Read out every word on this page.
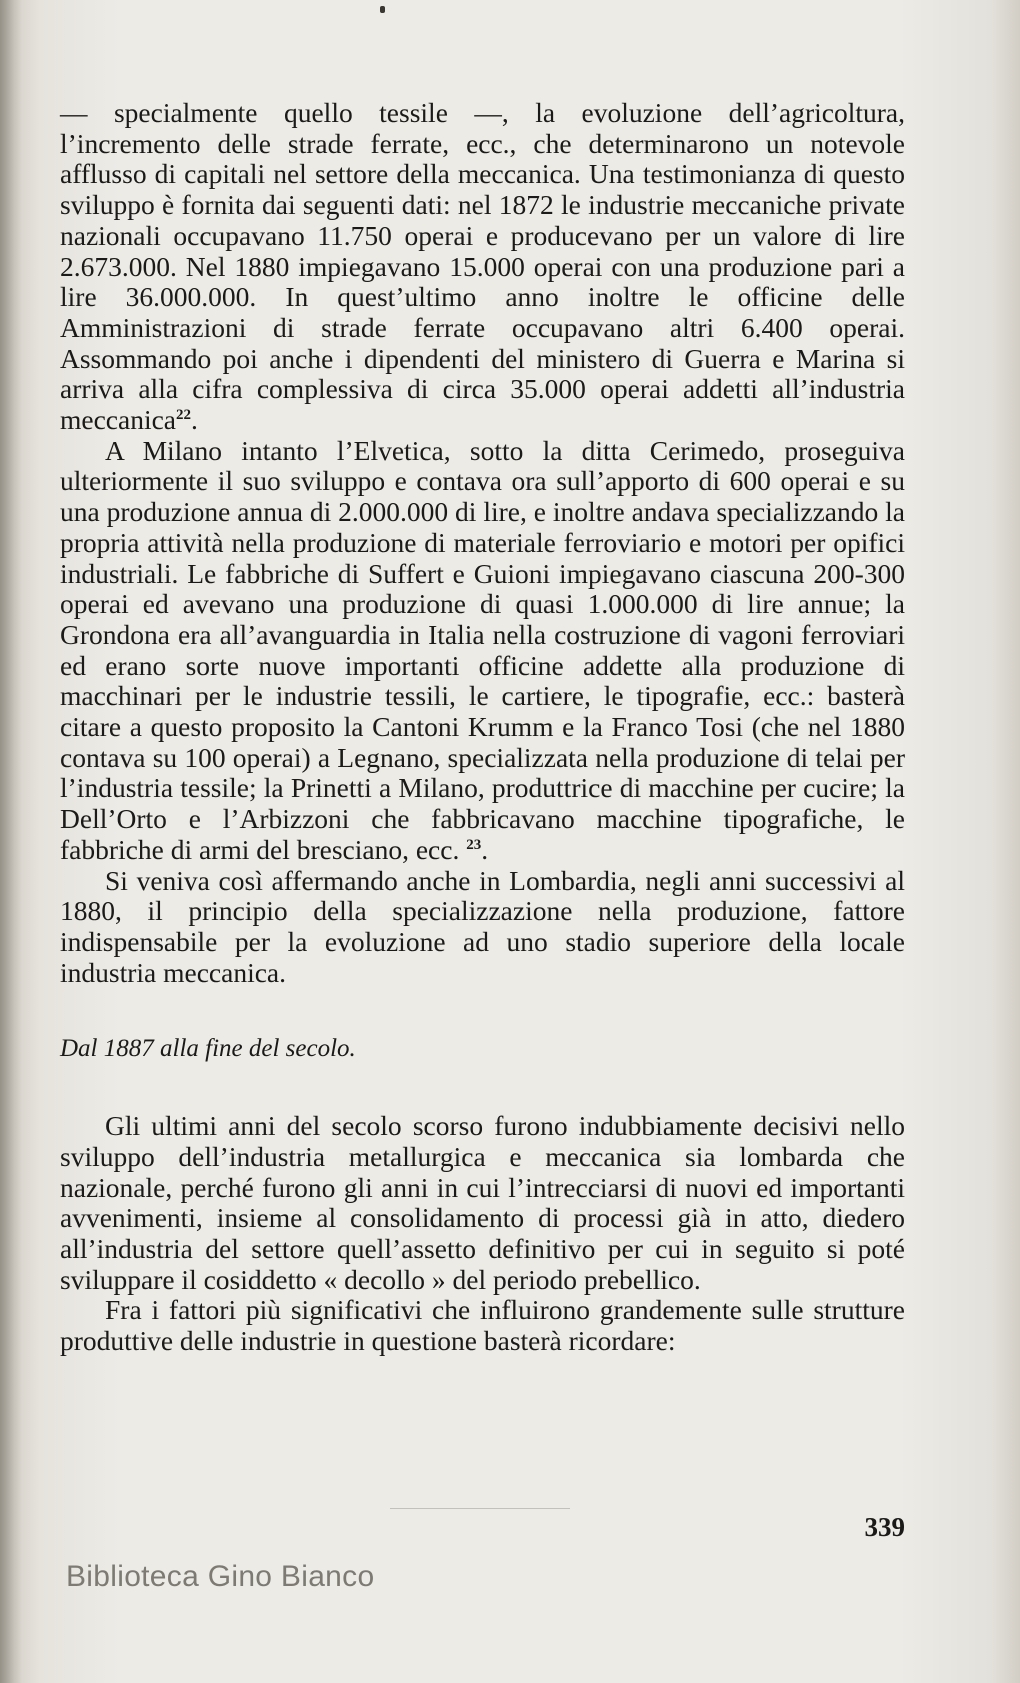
— specialmente quello tessile —, la evoluzione dell’agricoltura, l’incremento delle strade ferrate, ecc., che determinarono un notevole afflusso di capitali nel settore della meccanica. Una testimonianza di questo sviluppo è fornita dai seguenti dati: nel 1872 le industrie meccaniche private nazionali occupavano 11.750 operai e producevano per un valore di lire 2.673.000. Nel 1880 impiegavano 15.000 operai con una produzione pari a lire 36.000.000. In quest’ultimo anno inoltre le officine delle Amministrazioni di strade ferrate occupavano altri 6.400 operai. Assommando poi anche i dipendenti del ministero di Guerra e Marina si arriva alla cifra complessiva di circa 35.000 operai addetti all’industria meccanica$^{22}$.

A Milano intanto l’Elvetica, sotto la ditta Cerimedo, proseguiva ulteriormente il suo sviluppo e contava ora sull’apporto di 600 operai e su una produzione annua di 2.000.000 di lire, e inoltre andava specializzando la propria attività nella produzione di materiale ferroviario e motori per opifici industriali. Le fabbriche di Suffert e Guioni impiegavano ciascuna 200-300 operai ed avevano una produzione di quasi 1.000.000 di lire annue; la Grondona era all’avanguardia in Italia nella costruzione di vagoni ferroviari ed erano sorte nuove importanti officine addette alla produzione di macchinari per le industrie tessili, le cartiere, le tipografie, ecc.: basterà citare a questo proposito la Cantoni Krumm e la Franco Tosi (che nel 1880 contava su 100 operai) a Legnano, specializzata nella produzione di telai per l’industria tessile; la Prinetti a Milano, produttrice di macchine per cucire; la Dell’Orto e l’Arbizzoni che fabbricavano macchine tipografiche, le fabbriche di armi del bresciano, ecc. $^{23}$.

Si veniva così affermando anche in Lombardia, negli anni successivi al 1880, il principio della specializzazione nella produzione, fattore indispensabile per la evoluzione ad uno stadio superiore della locale industria meccanica.

Dal 1887 alla fine del secolo.

Gli ultimi anni del secolo scorso furono indubbiamente decisivi nello sviluppo dell’industria metallurgica e meccanica sia lombarda che nazionale, perché furono gli anni in cui l’intrecciarsi di nuovi ed importanti avvenimenti, insieme al consolidamento di processi già in atto, diedero all’industria del settore quell’assetto definitivo per cui in seguito si poté sviluppare il cosiddetto « decollo » del periodo prebellico.

Fra i fattori più significativi che influirono grandemente sulle strutture produttive delle industrie in questione basterà ricordare:

339
Biblioteca Gino Bianco
